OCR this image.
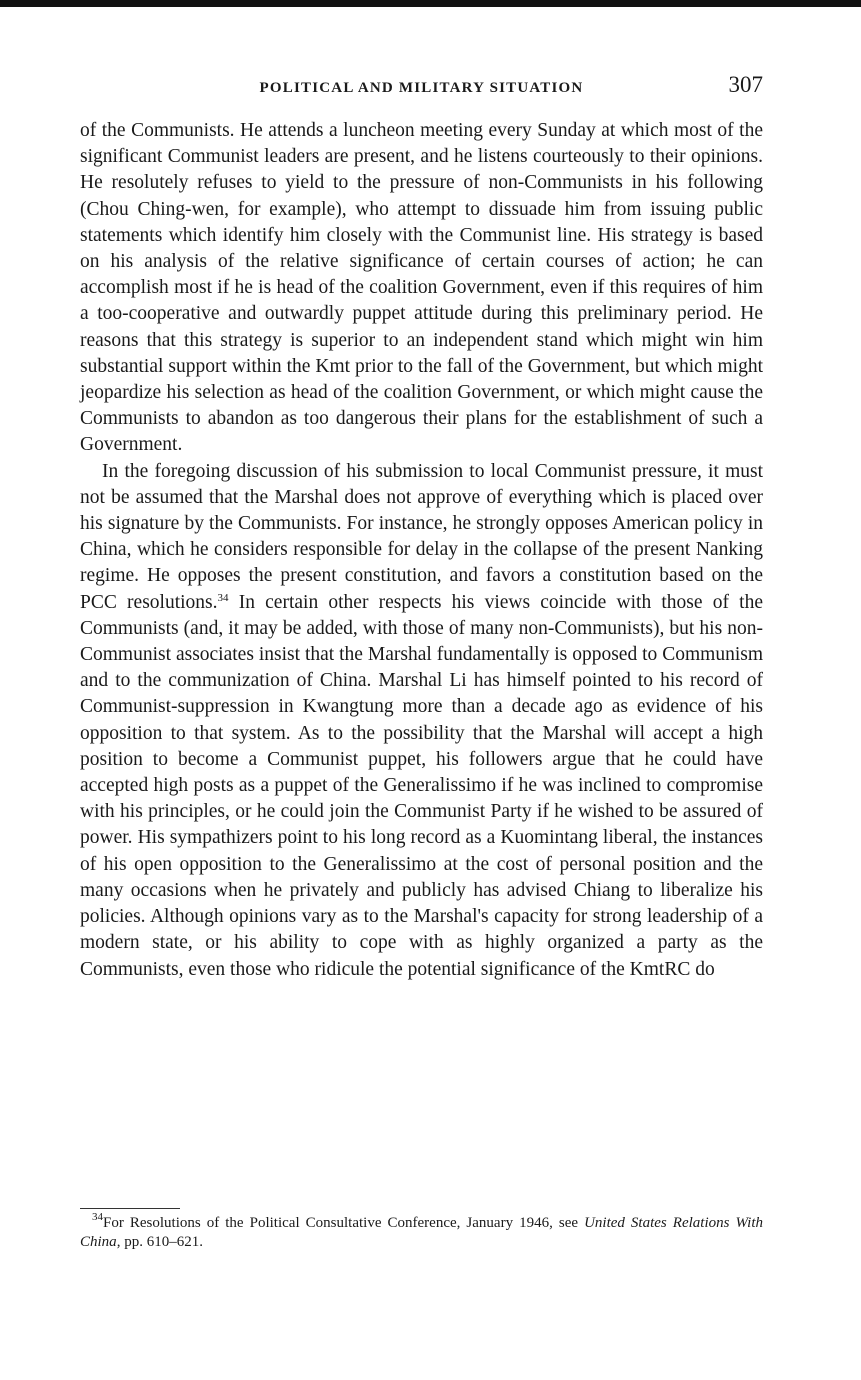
POLITICAL AND MILITARY SITUATION	307

of the Communists. He attends a luncheon meeting every Sunday at which most of the significant Communist leaders are present, and he listens courteously to their opinions. He resolutely refuses to yield to the pressure of non-Communists in his following (Chou Ching-wen, for example), who attempt to dissuade him from issuing public statements which identify him closely with the Communist line. His strategy is based on his analysis of the relative significance of certain courses of action; he can accomplish most if he is head of the coalition Government, even if this requires of him a too-cooperative and outwardly puppet attitude during this preliminary period. He reasons that this strategy is superior to an independent stand which might win him substantial support within the Kmt prior to the fall of the Government, but which might jeopardize his selection as head of the coalition Government, or which might cause the Communists to abandon as too dangerous their plans for the establishment of such a Government.

In the foregoing discussion of his submission to local Communist pressure, it must not be assumed that the Marshal does not approve of everything which is placed over his signature by the Communists. For instance, he strongly opposes American policy in China, which he considers responsible for delay in the collapse of the present Nanking regime. He opposes the present constitution, and favors a constitution based on the PCC resolutions.$^{34}$ In certain other respects his views coincide with those of the Communists (and, it may be added, with those of many non-Communists), but his non-Communist associates insist that the Marshal fundamentally is opposed to Communism and to the communization of China. Marshal Li has himself pointed to his record of Communist-suppression in Kwangtung more than a decade ago as evidence of his opposition to that system. As to the possibility that the Marshal will accept a high position to become a Communist puppet, his followers argue that he could have accepted high posts as a puppet of the Generalissimo if he was inclined to compromise with his principles, or he could join the Communist Party if he wished to be assured of power. His sympathizers point to his long record as a Kuomintang liberal, the instances of his open opposition to the Generalissimo at the cost of personal position and the many occasions when he privately and publicly has advised Chiang to liberalize his policies. Although opinions vary as to the Marshal's capacity for strong leadership of a modern state, or his ability to cope with as highly organized a party as the Communists, even those who ridicule the potential significance of the KmtRC do

$^{34}$For Resolutions of the Political Consultative Conference, January 1946, see United States Relations With China, pp. 610–621.
